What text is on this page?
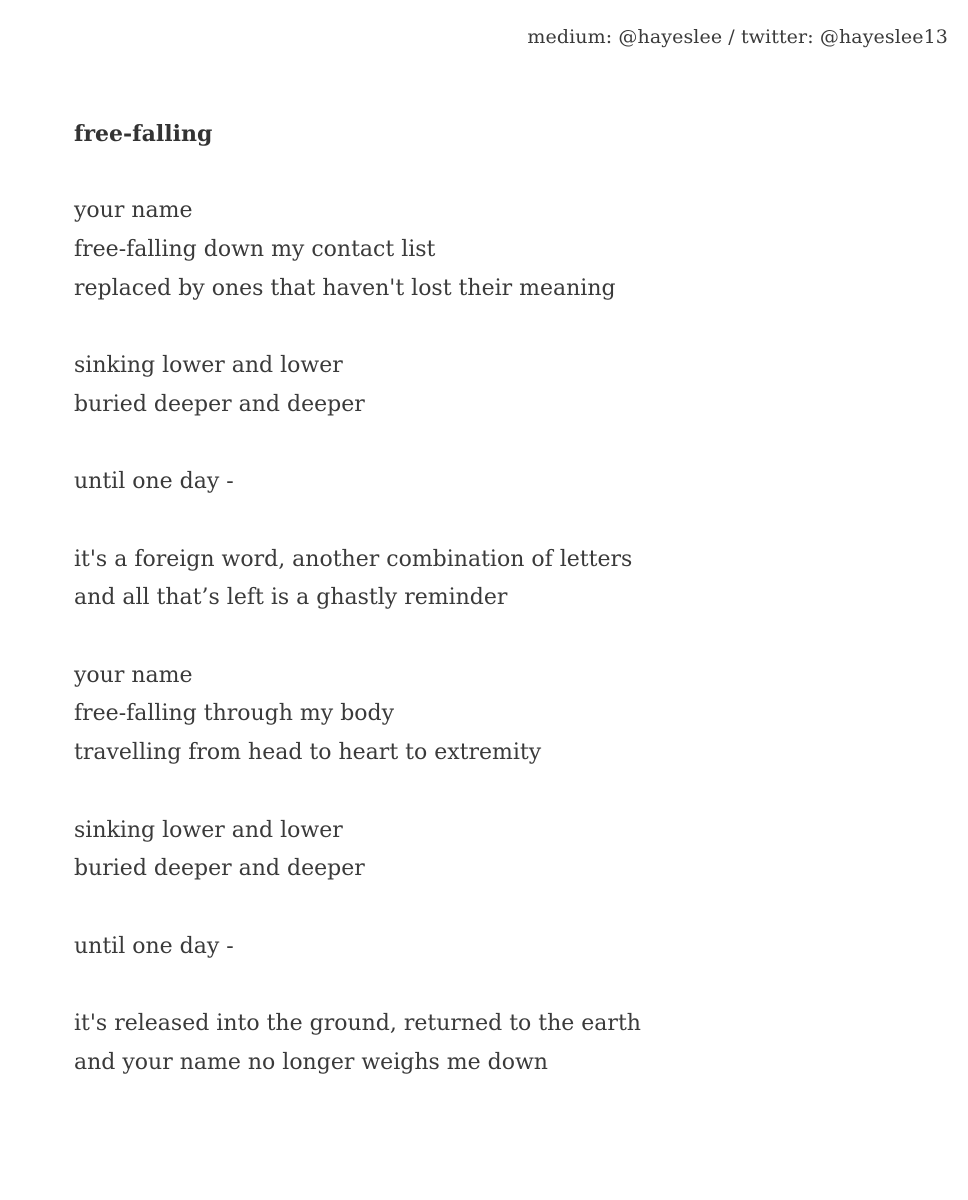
medium: @hayeslee / twitter: @hayeslee13
free-falling
your name
free-falling down my contact list
replaced by ones that haven't lost their meaning
sinking lower and lower
buried deeper and deeper
until one day -
it's a foreign word, another combination of letters
and all that’s left is a ghastly reminder
your name
free-falling through my body
travelling from head to heart to extremity
sinking lower and lower
buried deeper and deeper
until one day -
it's released into the ground, returned to the earth
and your name no longer weighs me down
